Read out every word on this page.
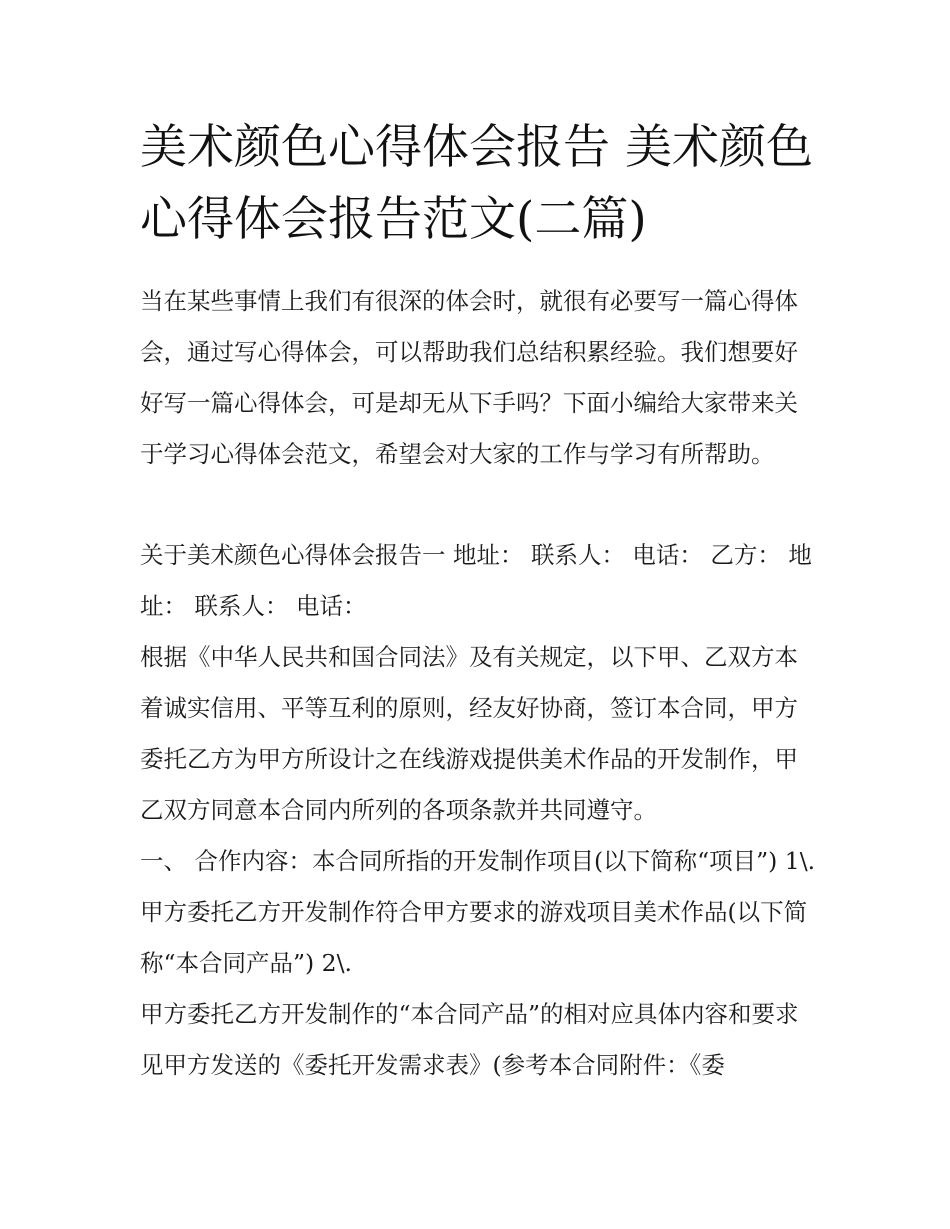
美术颜色心得体会报告 美术颜色心得体会报告范文(二篇)

当在某些事情上我们有很深的体会时，就很有必要写一篇心得体会，通过写心得体会，可以帮助我们总结积累经验。我们想要好好写一篇心得体会，可是却无从下手吗？下面小编给大家带来关于学习心得体会范文，希望会对大家的工作与学习有所帮助。

关于美术颜色心得体会报告一 地址： 联系人： 电话： 乙方： 地址： 联系人： 电话：

根据《中华人民共和国合同法》及有关规定，以下甲、乙双方本着诚实信用、平等互利的原则，经友好协商，签订本合同，甲方委托乙方为甲方所设计之在线游戏提供美术作品的开发制作，甲乙双方同意本合同内所列的各项条款并共同遵守。

一、 合作内容：本合同所指的开发制作项目(以下简称“项目”) 1\. 甲方委托乙方开发制作符合甲方要求的游戏项目美术作品(以下简称“本合同产品”) 2\.

甲方委托乙方开发制作的“本合同产品”的相对应具体内容和要求见甲方发送的《委托开发需求表》(参考本合同附件：《委
